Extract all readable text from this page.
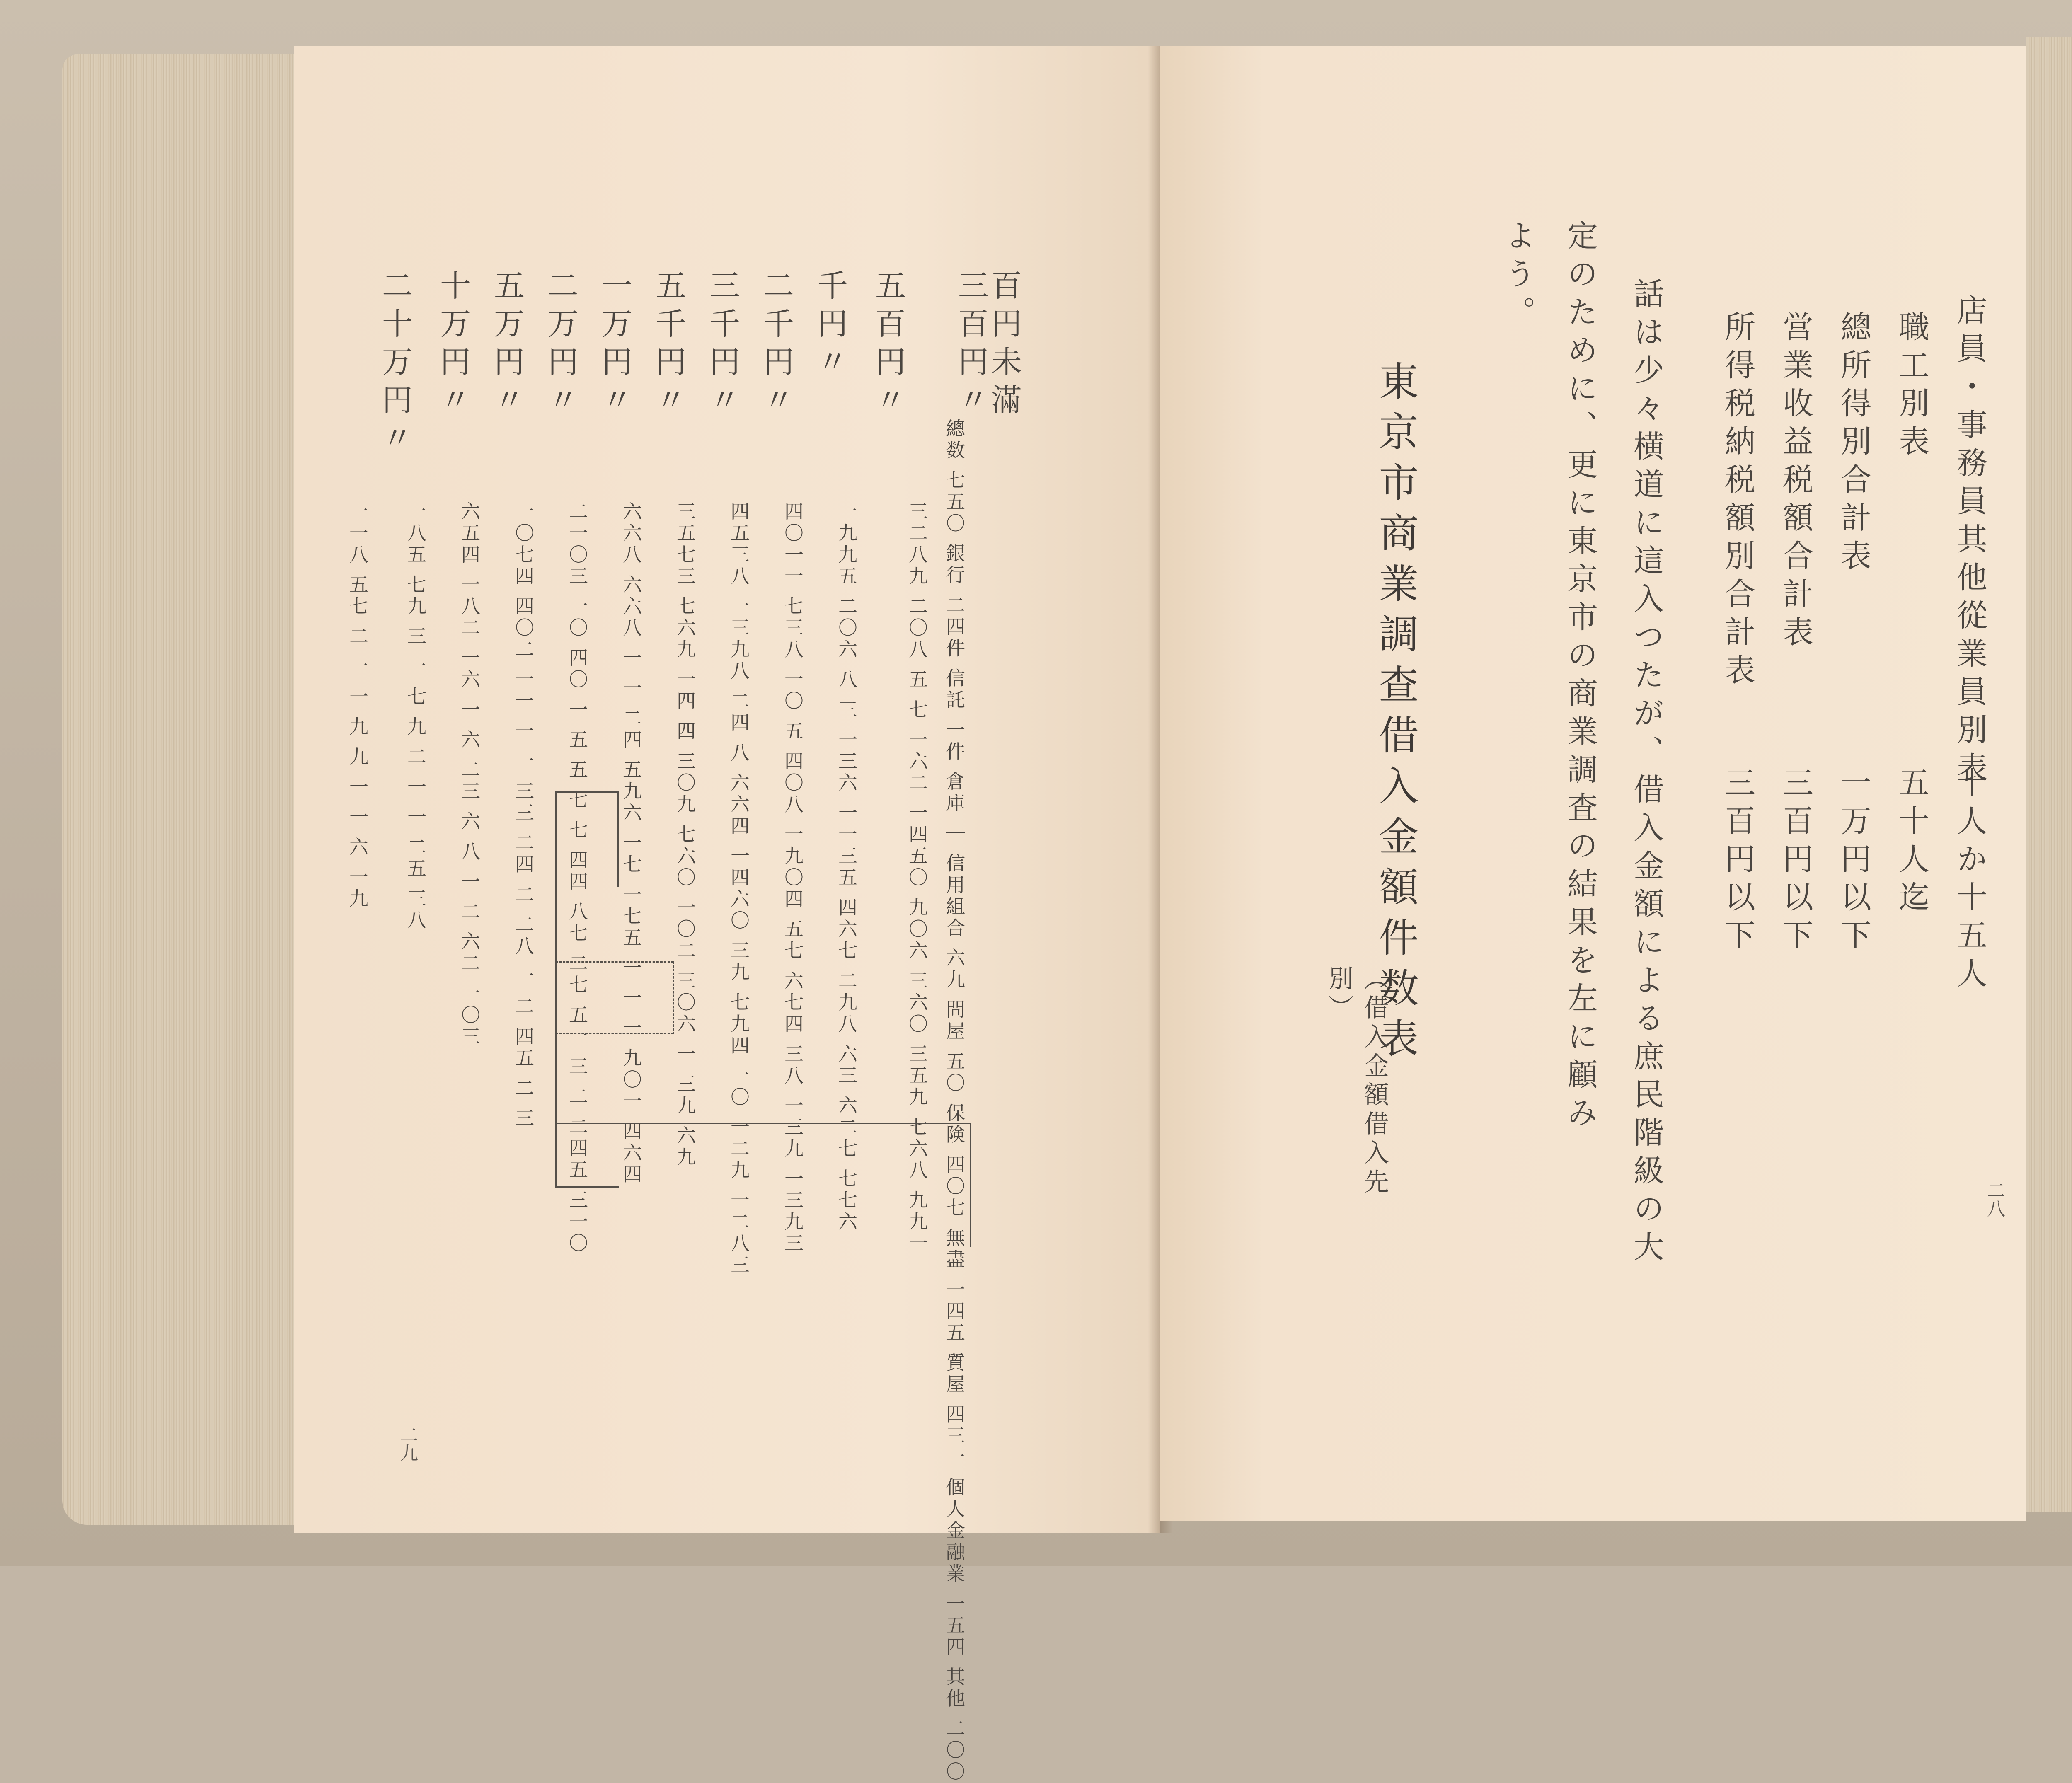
百円未滿
總数 七五〇 銀行 二四件 信託 一件 倉庫 ｜ 信用組合 六九 問屋 五〇 保険 四〇七 無盡 一四五 質屋 四三一 個人金融業 一五四 其他 二〇〇
三百円〃
三二八九 二〇八 五 七 一六二 一四五〇 九〇六 三六〇 三五九 七六八 九九一
五百円〃
一九九五 二〇六 八 三 一三六 一一三五 四六七 二九八 六三 六二七 七七六
千円〃
四〇一一 七三八 一〇 五 四〇八 一九〇四 五七 六七四 三八 一三九 一三九三
二千円〃
四五三八 一三九八 二四 八 六六四 一四六〇 三九 七九四 一〇 一二九 一二八三
三千円〃
三五七三 七六九 一四 四 三〇九 七六〇 一〇二 三〇六 一 三九 六九
五千円〃
六六八 六六八 一 一 二四 五九六 一七 一七五 一 一 一 九〇一 四六四
一万円〃
二一〇三 一〇 四〇 一 五 五 七 七 四四 八七 二七 五一 三 二 二四五 三一〇
二万円〃
一〇七四 四〇二 一一 一 一 三三 二四 二 二八 一 二 四五 二 三
五万円〃
六五四 一八二 一六 一 六 二三 六 八 一 二 六二 一〇三
十万円〃
一八五 七九 三 一 七 九 二 一 一 二五 三八
二十万円〃
一一八 五七 二 一 一 九 九 一 一 六 一九
二九
店員・事務員其他從業員別表
十人か十五人
職工別表
五十人迄
總所得別合計表
一万円以下
営業收益税額合計表
三百円以下
所得税納税額別合計表
三百円以下
話は少々横道に這入つたが、借入金額による庶民階級の大
定のために、更に東京市の商業調査の結果を左に顧み
よう。
東京市商業調查借入金額件数表
（借入金額借入先別）
二八
